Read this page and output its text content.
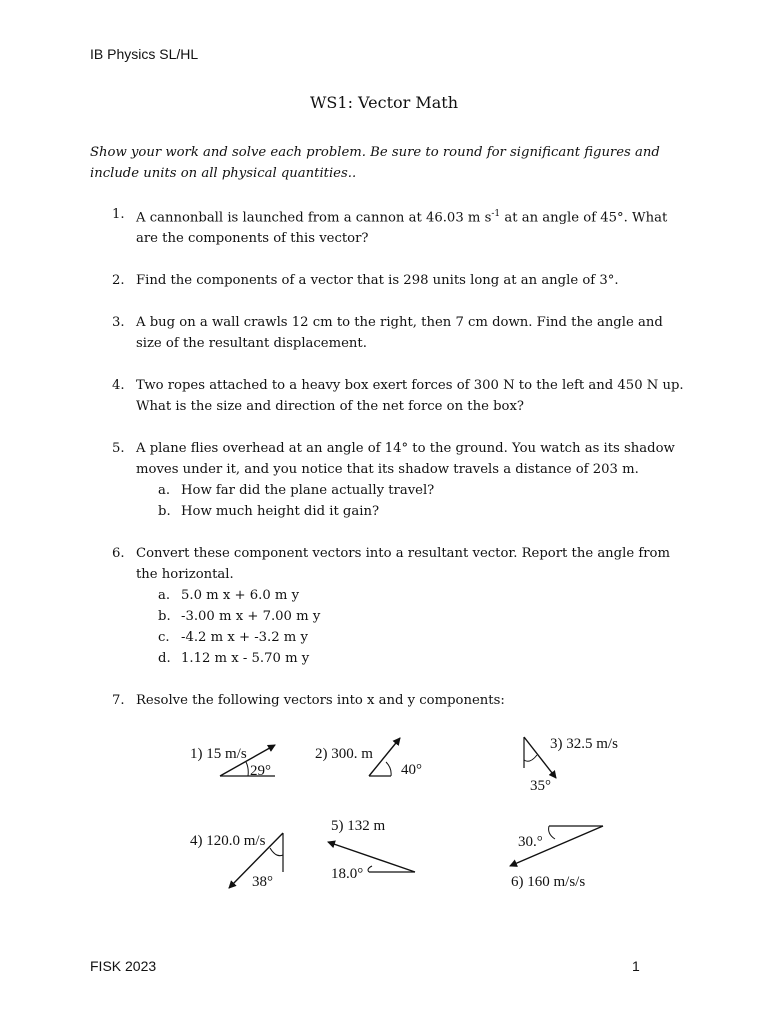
IB Physics SL/HL
WS1: Vector Math
Show your work and solve each problem. Be sure to round for significant figures and include units on all physical quantities..
1. A cannonball is launched from a cannon at 46.03 m $s^{-1}$ at an angle of 45°. What are the components of this vector?
2. Find the components of a vector that is 298 units long at an angle of 3°.
3. A bug on a wall crawls 12 cm to the right, then 7 cm down. Find the angle and size of the resultant displacement.
4. Two ropes attached to a heavy box exert forces of 300 N to the left and 450 N up. What is the size and direction of the net force on the box?
5. A plane flies overhead at an angle of 14° to the ground. You watch as its shadow moves under it, and you notice that its shadow travels a distance of 203 m.
a. How far did the plane actually travel?
b. How much height did it gain?
6. Convert these component vectors into a resultant vector. Report the angle from the horizontal.
a. 5.0 m x + 6.0 m y
b. -3.00 m x + 7.00 m y
c. -4.2 m x + -3.2 m y
d. 1.12 m x - 5.70 m y
7. Resolve the following vectors into x and y components:
1) 15 m/s
29°
2) 300. m
40°
3) 32.5 m/s
35°
4) 120.0 m/s
38°
5) 132 m
18.0°
30.°
6) 160 m/s/s
FISK 2023	1
